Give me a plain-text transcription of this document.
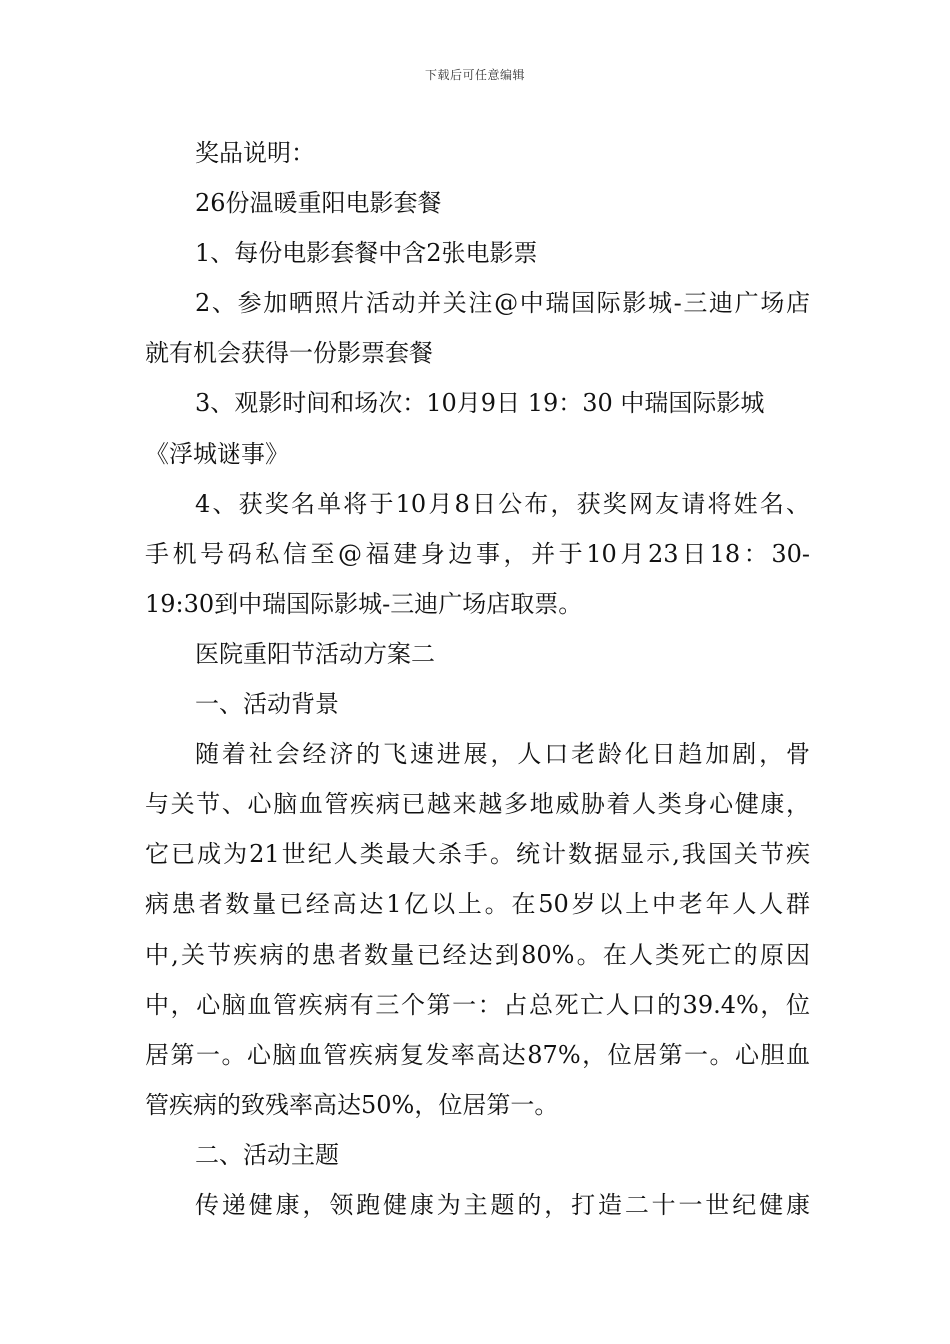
下载后可任意编辑
奖品说明：
26份温暖重阳电影套餐
1、每份电影套餐中含2张电影票
2、参加晒照片活动并关注@中瑞国际影城-三迪广场店
就有机会获得一份影票套餐
3、观影时间和场次：10月9日 19：30 中瑞国际影城
《浮城谜事》
4、获奖名单将于10月8日公布，获奖网友请将姓名、
手机号码私信至@福建身边事，并于10月23日18：30-
19:30到中瑞国际影城-三迪广场店取票。
医院重阳节活动方案二
一、活动背景
随着社会经济的飞速进展，人口老龄化日趋加剧，骨
与关节、心脑血管疾病已越来越多地威胁着人类身心健康，
它已成为21世纪人类最大杀手。统计数据显示,我国关节疾
病患者数量已经高达1亿以上。在50岁以上中老年人人群
中,关节疾病的患者数量已经达到80%。在人类死亡的原因
中，心脑血管疾病有三个第一：占总死亡人口的39.4%，位
居第一。心脑血管疾病复发率高达87%，位居第一。心胆血
管疾病的致残率高达50%，位居第一。
二、活动主题
传递健康，领跑健康为主题的，打造二十一世纪健康
